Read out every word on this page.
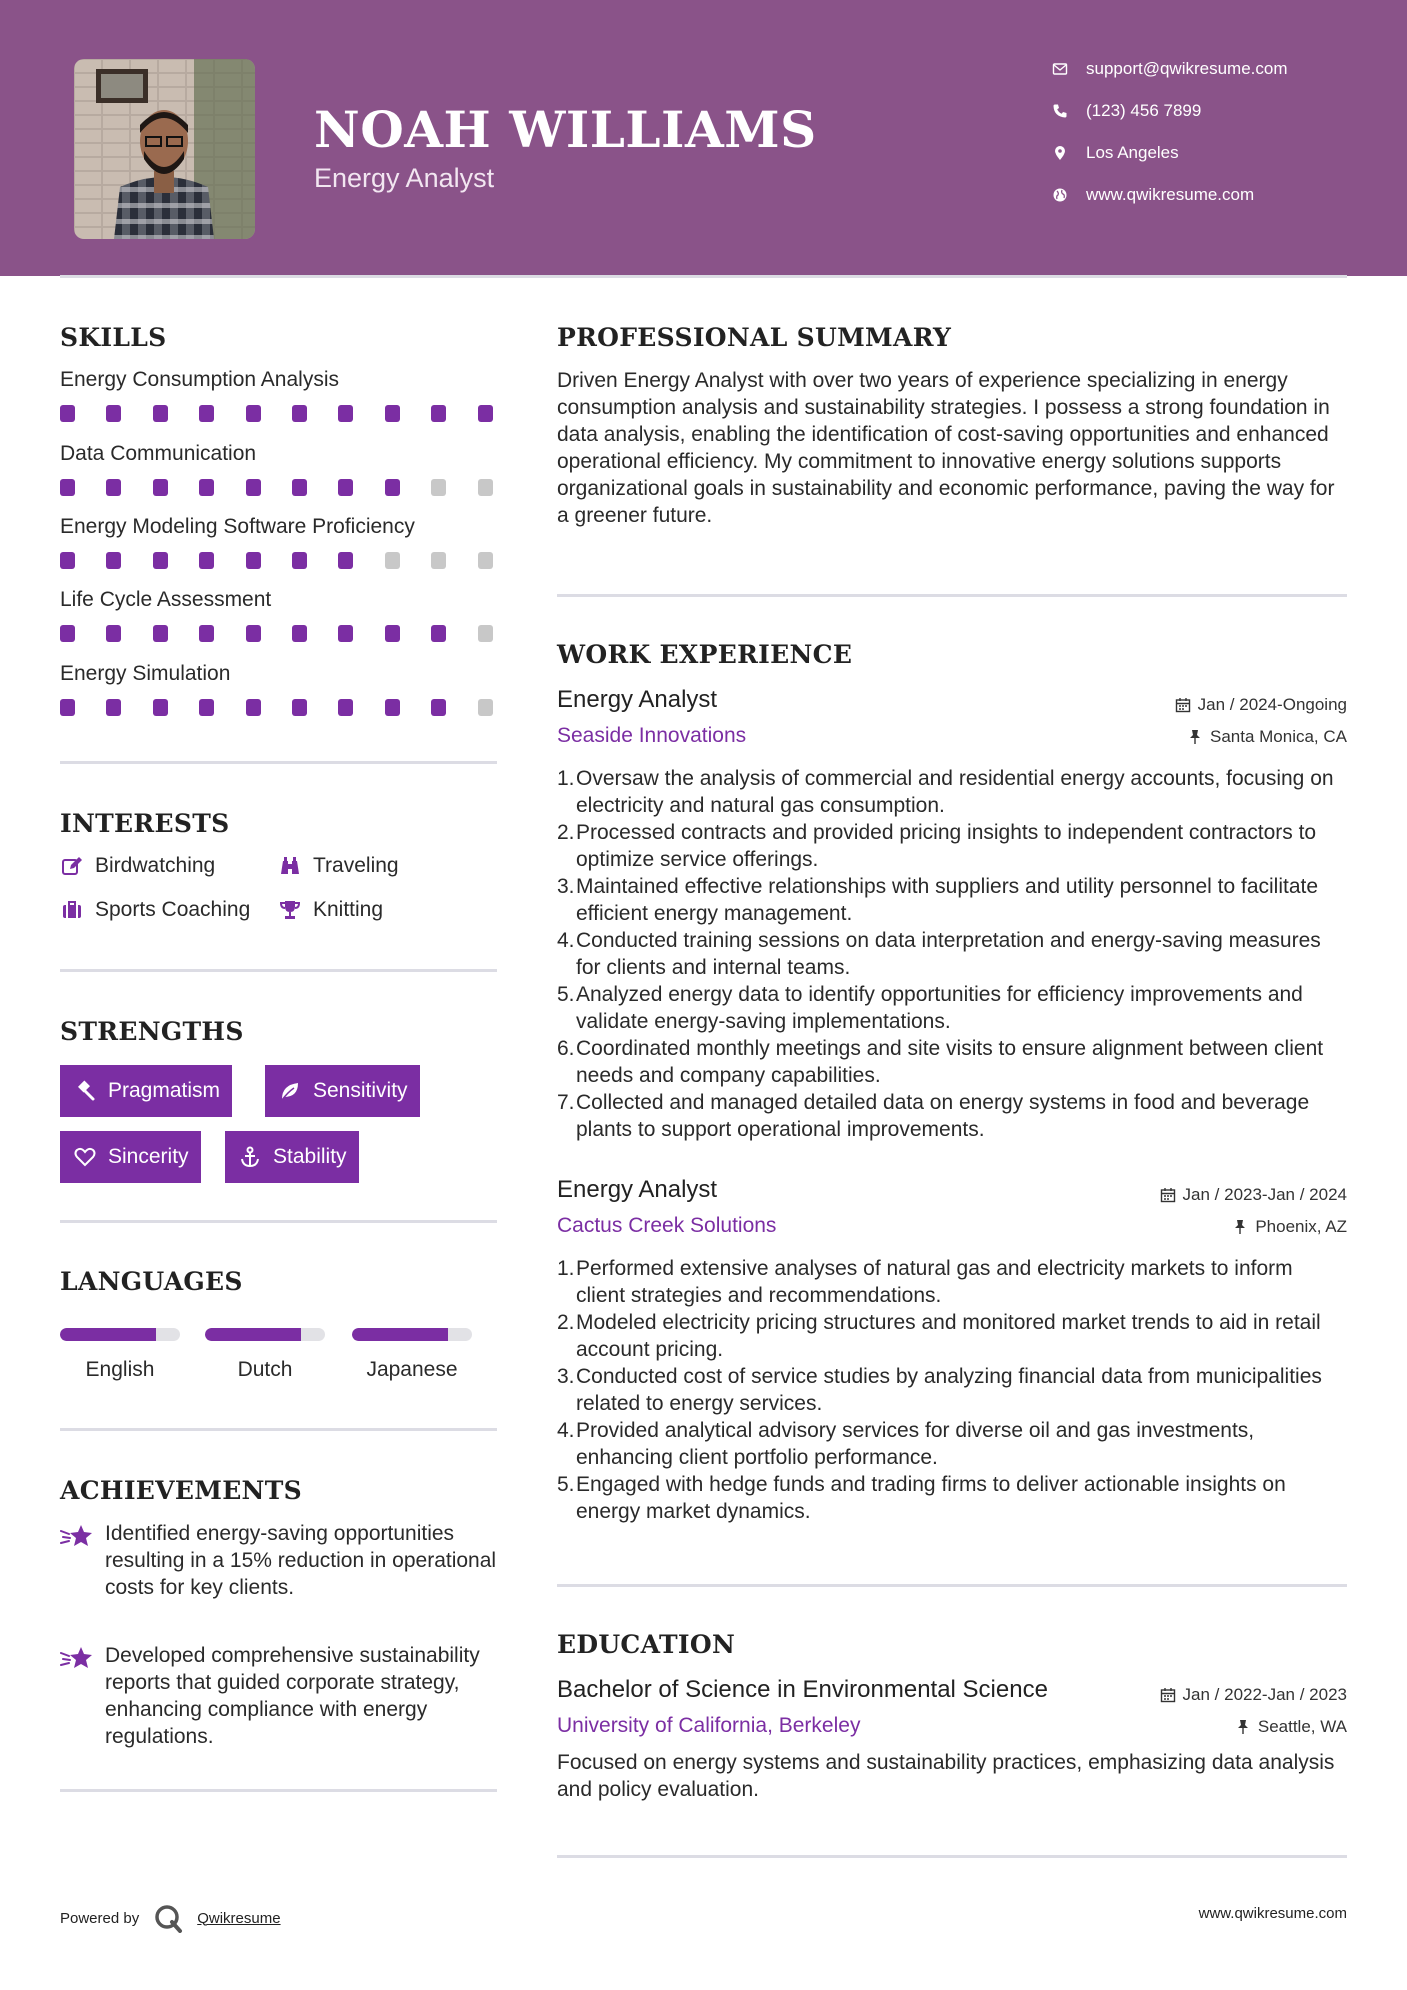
NOAH WILLIAMS
Energy Analyst
support@qwikresume.com
(123) 456 7899
Los Angeles
www.qwikresume.com
SKILLS
Energy Consumption Analysis
Data Communication
Energy Modeling Software Proficiency
Life Cycle Assessment
Energy Simulation
INTERESTS
Birdwatching	Traveling
Sports Coaching	Knitting
STRENGTHS
Pragmatism	Sensitivity
Sincerity	Stability
LANGUAGES
English	Dutch	Japanese
ACHIEVEMENTS
Identified energy-saving opportunities resulting in a 15% reduction in operational costs for key clients.
Developed comprehensive sustainability reports that guided corporate strategy, enhancing compliance with energy regulations.
PROFESSIONAL SUMMARY
Driven Energy Analyst with over two years of experience specializing in energy consumption analysis and sustainability strategies. I possess a strong foundation in data analysis, enabling the identification of cost-saving opportunities and enhanced operational efficiency. My commitment to innovative energy solutions supports organizational goals in sustainability and economic performance, paving the way for a greener future.
WORK EXPERIENCE
Energy Analyst	Jan / 2024-Ongoing
Seaside Innovations	Santa Monica, CA
1. Oversaw the analysis of commercial and residential energy accounts, focusing on electricity and natural gas consumption.
2. Processed contracts and provided pricing insights to independent contractors to optimize service offerings.
3. Maintained effective relationships with suppliers and utility personnel to facilitate efficient energy management.
4. Conducted training sessions on data interpretation and energy-saving measures for clients and internal teams.
5. Analyzed energy data to identify opportunities for efficiency improvements and validate energy-saving implementations.
6. Coordinated monthly meetings and site visits to ensure alignment between client needs and company capabilities.
7. Collected and managed detailed data on energy systems in food and beverage plants to support operational improvements.
Energy Analyst	Jan / 2023-Jan / 2024
Cactus Creek Solutions	Phoenix, AZ
1. Performed extensive analyses of natural gas and electricity markets to inform client strategies and recommendations.
2. Modeled electricity pricing structures and monitored market trends to aid in retail account pricing.
3. Conducted cost of service studies by analyzing financial data from municipalities related to energy services.
4. Provided analytical advisory services for diverse oil and gas investments, enhancing client portfolio performance.
5. Engaged with hedge funds and trading firms to deliver actionable insights on energy market dynamics.
EDUCATION
Bachelor of Science in Environmental Science	Jan / 2022-Jan / 2023
University of California, Berkeley	Seattle, WA
Focused on energy systems and sustainability practices, emphasizing data analysis and policy evaluation.
Powered by	Qwikresume	www.qwikresume.com
